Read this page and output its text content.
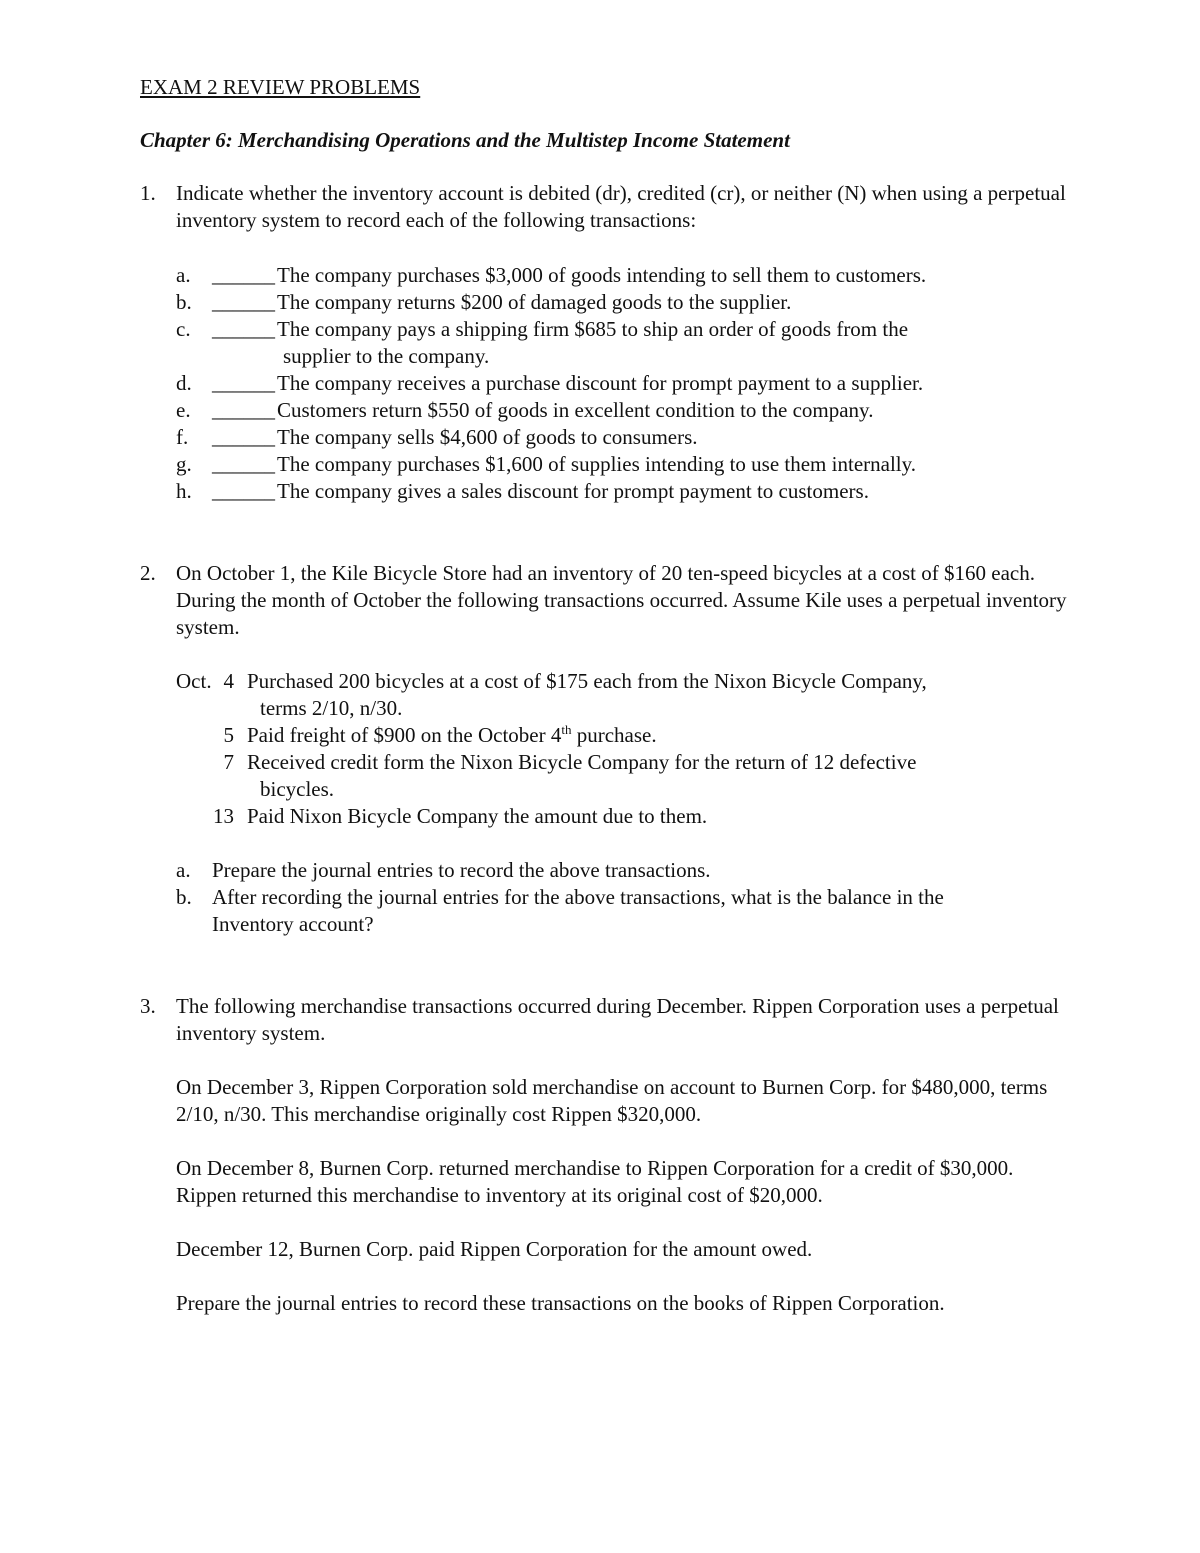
EXAM 2 REVIEW PROBLEMS
Chapter 6: Merchandising Operations and the Multistep Income Statement
1. Indicate whether the inventory account is debited (dr), credited (cr), or neither (N) when using a perpetual inventory system to record each of the following transactions:
a. ______ The company purchases $3,000 of goods intending to sell them to customers.
b. ______ The company returns $200 of damaged goods to the supplier.
c. ______ The company pays a shipping firm $685 to ship an order of goods from the
supplier to the company.
d. ______ The company receives a purchase discount for prompt payment to a supplier.
e. ______ Customers return $550 of goods in excellent condition to the company.
f. ______ The company sells $4,600 of goods to consumers.
g. ______ The company purchases $1,600 of supplies intending to use them internally.
h. ______ The company gives a sales discount for prompt payment to customers.
2. On October 1, the Kile Bicycle Store had an inventory of 20 ten-speed bicycles at a cost of $160 each. During the month of October the following transactions occurred. Assume Kile uses a perpetual inventory system.
Oct. 4 Purchased 200 bicycles at a cost of $175 each from the Nixon Bicycle Company,
terms 2/10, n/30.
5 Paid freight of $900 on the October 4th purchase.
7 Received credit form the Nixon Bicycle Company for the return of 12 defective
bicycles.
13 Paid Nixon Bicycle Company the amount due to them.
a. Prepare the journal entries to record the above transactions.
b. After recording the journal entries for the above transactions, what is the balance in the
Inventory account?
3. The following merchandise transactions occurred during December. Rippen Corporation uses a perpetual inventory system.
On December 3, Rippen Corporation sold merchandise on account to Burnen Corp. for $480,000, terms 2/10, n/30. This merchandise originally cost Rippen $320,000.
On December 8, Burnen Corp. returned merchandise to Rippen Corporation for a credit of $30,000. Rippen returned this merchandise to inventory at its original cost of $20,000.
December 12, Burnen Corp. paid Rippen Corporation for the amount owed.
Prepare the journal entries to record these transactions on the books of Rippen Corporation.
